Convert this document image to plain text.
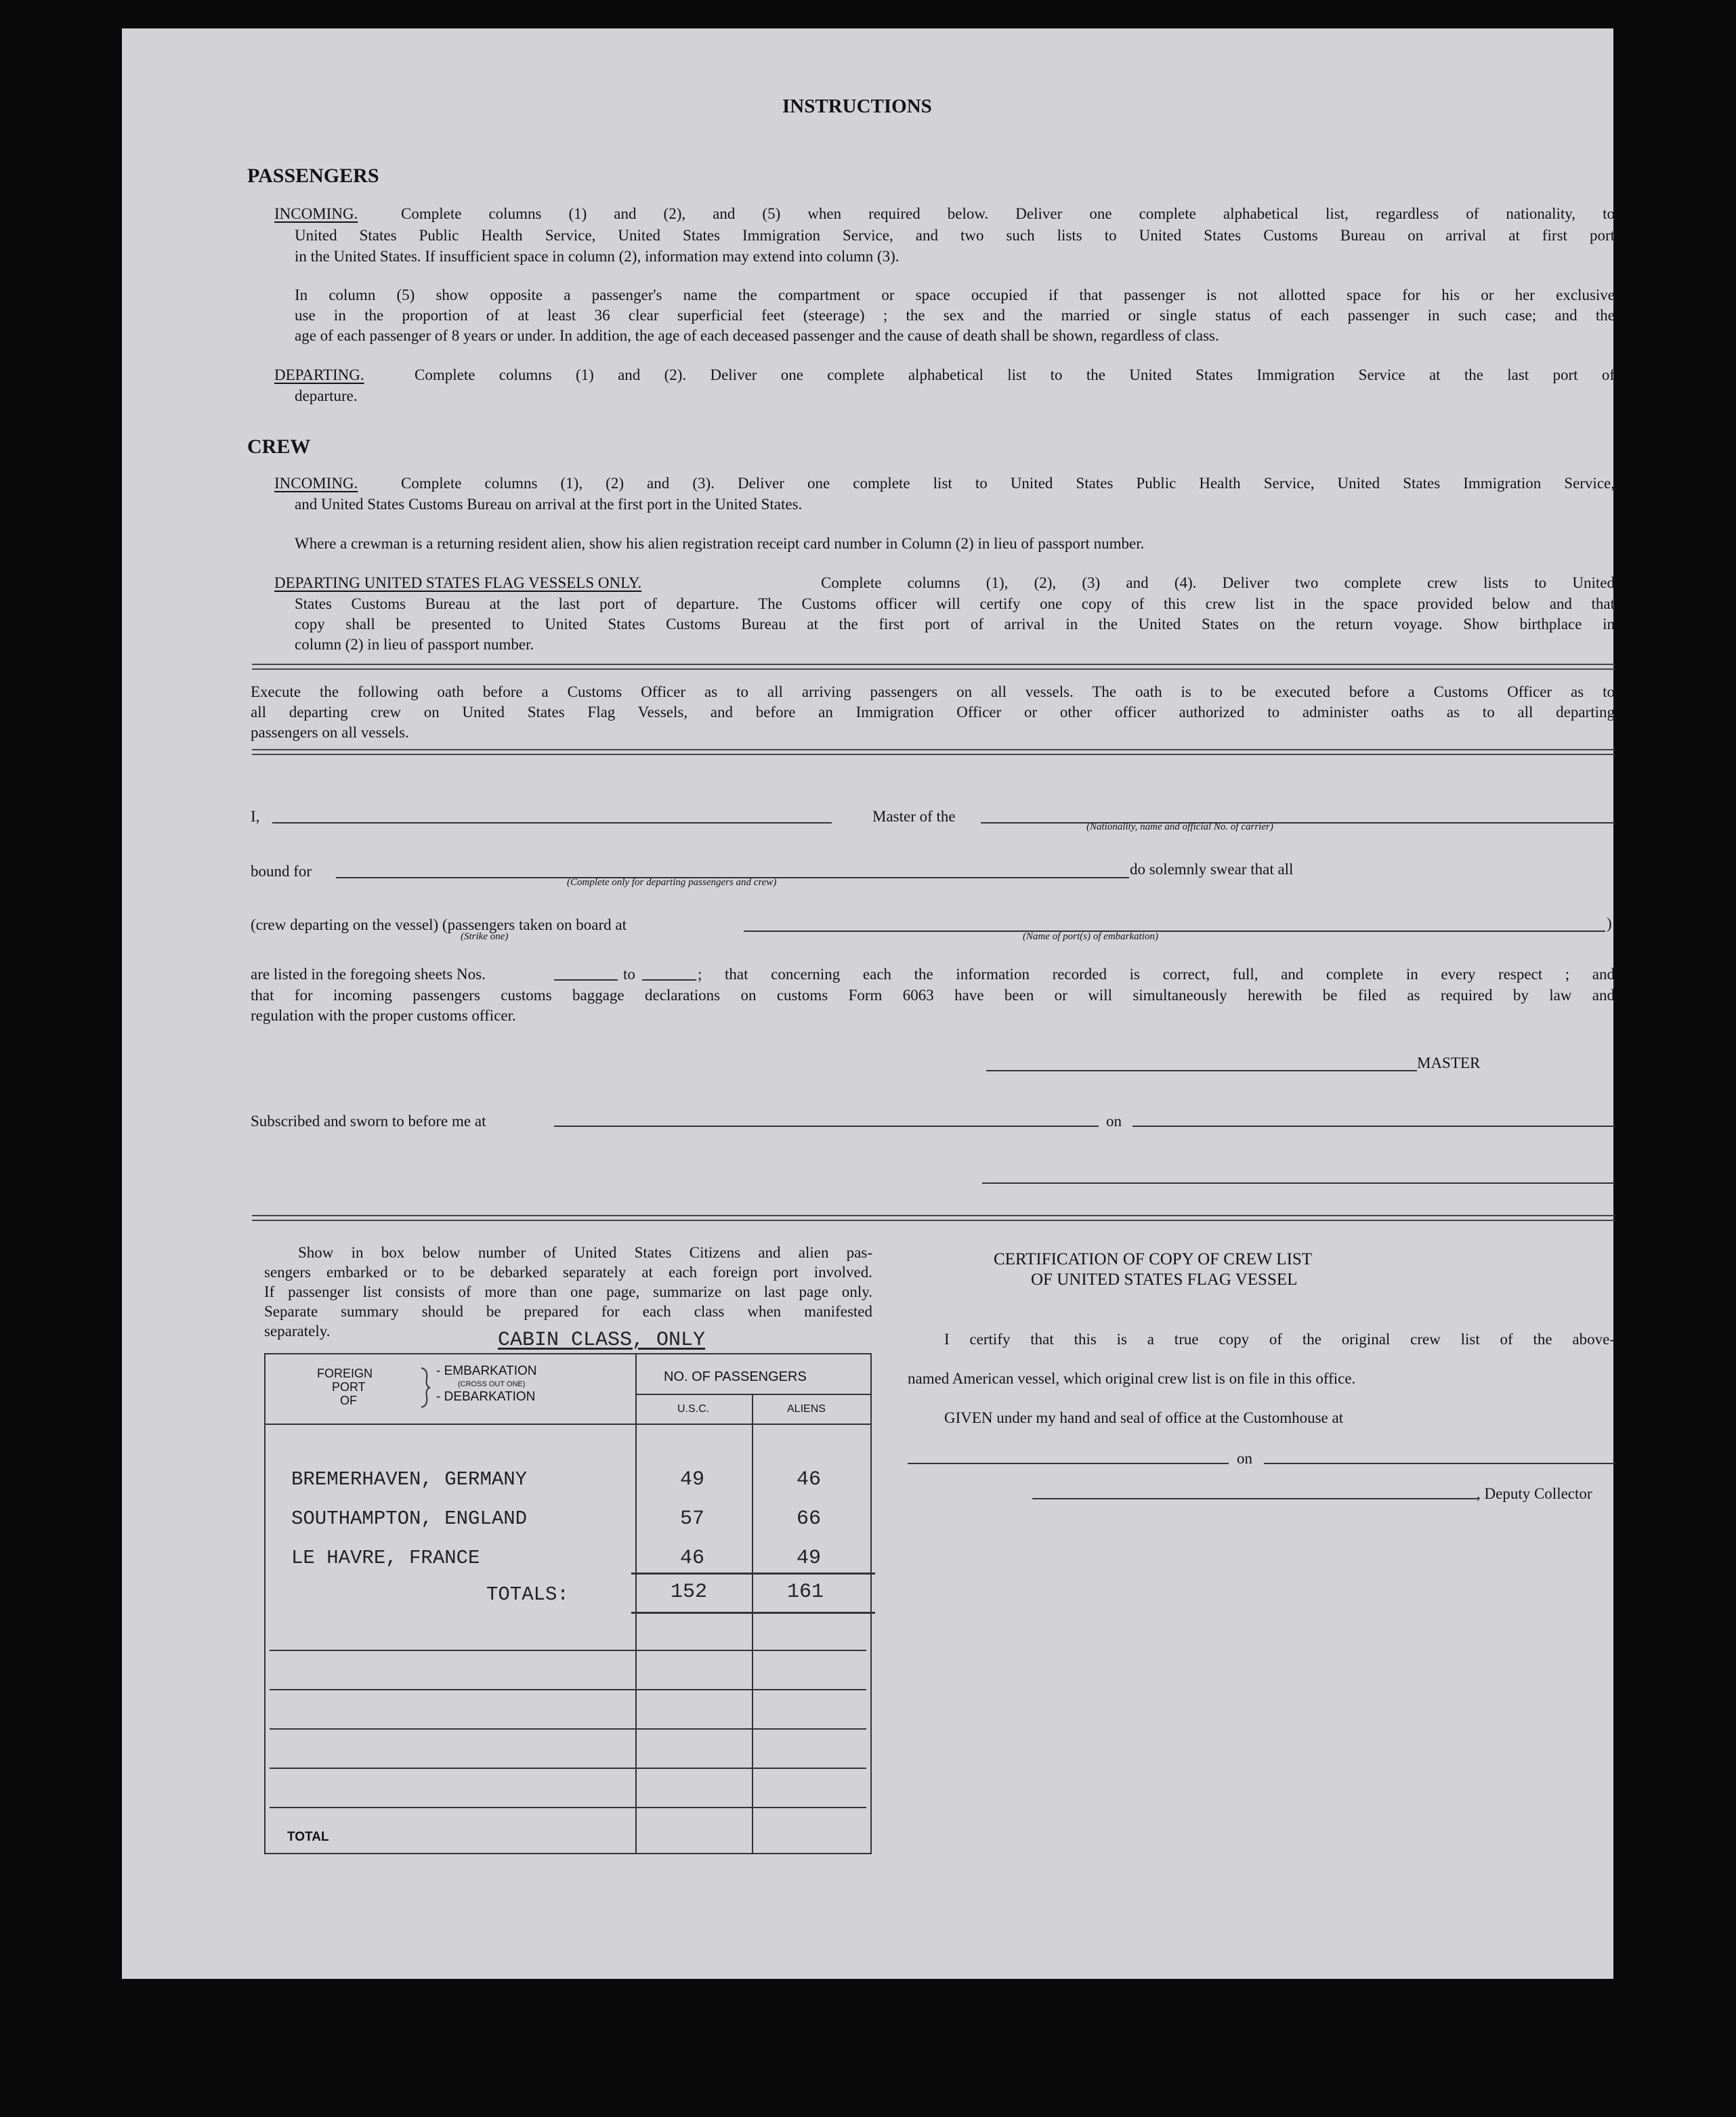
INSTRUCTIONS
PASSENGERS
INCOMING.	Complete columns (1) and (2), and (5) when required below. Deliver one complete alphabetical list, regardless of nationality, to
United States Public Health Service, United States Immigration Service, and two such lists to United States Customs Bureau on arrival at first port
in the United States. If insufficient space in column (2), information may extend into column (3).
In column (5) show opposite a passenger's name the compartment or space occupied if that passenger is not allotted space for his or her exclusive
use in the proportion of at least 36 clear superficial feet (steerage) ; the sex and the married or single status of each passenger in such case; and the
age of each passenger of 8 years or under. In addition, the age of each deceased passenger and the cause of death shall be shown, regardless of class.
DEPARTING.	Complete columns (1) and (2). Deliver one complete alphabetical list to the United States Immigration Service at the last port of
departure.
CREW
INCOMING.	Complete columns (1), (2) and (3). Deliver one complete list to United States Public Health Service, United States Immigration Service,
and United States Customs Bureau on arrival at the first port in the United States.
Where a crewman is a returning resident alien, show his alien registration receipt card number in Column (2) in lieu of passport number.
DEPARTING UNITED STATES FLAG VESSELS ONLY.	Complete columns (1), (2), (3) and (4). Deliver two complete crew lists to United
States Customs Bureau at the last port of departure. The Customs officer will certify one copy of this crew list in the space provided below and that
copy shall be presented to United States Customs Bureau at the first port of arrival in the United States on the return voyage. Show birthplace in
column (2) in lieu of passport number.
Execute the following oath before a Customs Officer as to all arriving passengers on all vessels. The oath is to be executed before a Customs Officer as to
all departing crew on United States Flag Vessels, and before an Immigration Officer or other officer authorized to administer oaths as to all departing
passengers on all vessels.
I,	Master of the
(Nationality, name and official No. of carrier)
bound for
(Complete only for departing passengers and crew)
do solemnly swear that all
(crew departing on the vessel) (passengers taken on board at	)
(Strike one)	(Name of port(s) of embarkation)
are listed in the foregoing sheets Nos.	to	; that concerning each the information recorded is correct, full, and complete in every respect ; and
that for incoming passengers customs baggage declarations on customs Form 6063 have been or will simultaneously herewith be filed as required by law and
regulation with the proper customs officer.
MASTER
Subscribed and sworn to before me at	on
Show in box below number of United States Citizens and alien pas-
sengers embarked or to be debarked separately at each foreign port involved.
If passenger list consists of more than one page, summarize on last page only.
Separate summary should be prepared for each class when manifested
separately.	CABIN CLASS, ONLY
FOREIGN
PORT
OF
- EMBARKATION
(CROSS OUT ONE)
- DEBARKATION
NO. OF PASSENGERS
U.S.C.	ALIENS
BREMERHAVEN, GERMANY	49	46
SOUTHAMPTON, ENGLAND	57	66
LE HAVRE, FRANCE	46	49
TOTALS:	152	161
TOTAL
CERTIFICATION OF COPY OF CREW LIST
OF UNITED STATES FLAG VESSEL
I certify that this is a true copy of the original crew list of the above-
named American vessel, which original crew list is on file in this office.
GIVEN under my hand and seal of office at the Customhouse at
on
, Deputy Collector
